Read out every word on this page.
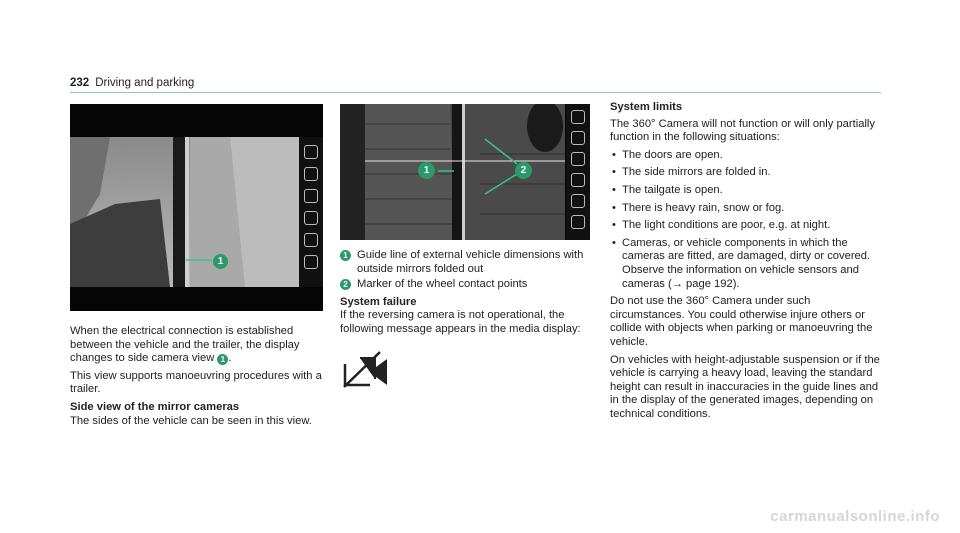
232 Driving and parking
1
1	2

When the electrical connection is established between the vehicle and the trailer, the display changes to side camera view 1 .

This view supports manoeuvring procedures with a trailer.

Side view of the mirror cameras

The sides of the vehicle can be seen in this view.

1 Guide line of external vehicle dimensions with outside mirrors folded out
2 Marker of the wheel contact points
System failure

If the reversing camera is not operational, the following message appears in the media display:

System limits

The 360° Camera will not function or will only partially function in the following situations:

• The doors are open.
• The side mirrors are folded in.
• The tailgate is open.
• There is heavy rain, snow or fog.
• The light conditions are poor, e.g. at night.
• Cameras, or vehicle components in which the cameras are fitted, are damaged, dirty or covered. Observe the information on vehicle sensors and cameras (→ page 192).

Do not use the 360° Camera under such circumstances. You could otherwise injure others or collide with objects when parking or manoeuvring the vehicle.

On vehicles with height-adjustable suspension or if the vehicle is carrying a heavy load, leaving the standard height can result in inaccuracies in the guide lines and in the display of the generated images, depending on technical conditions.

carmanualsonline.info
